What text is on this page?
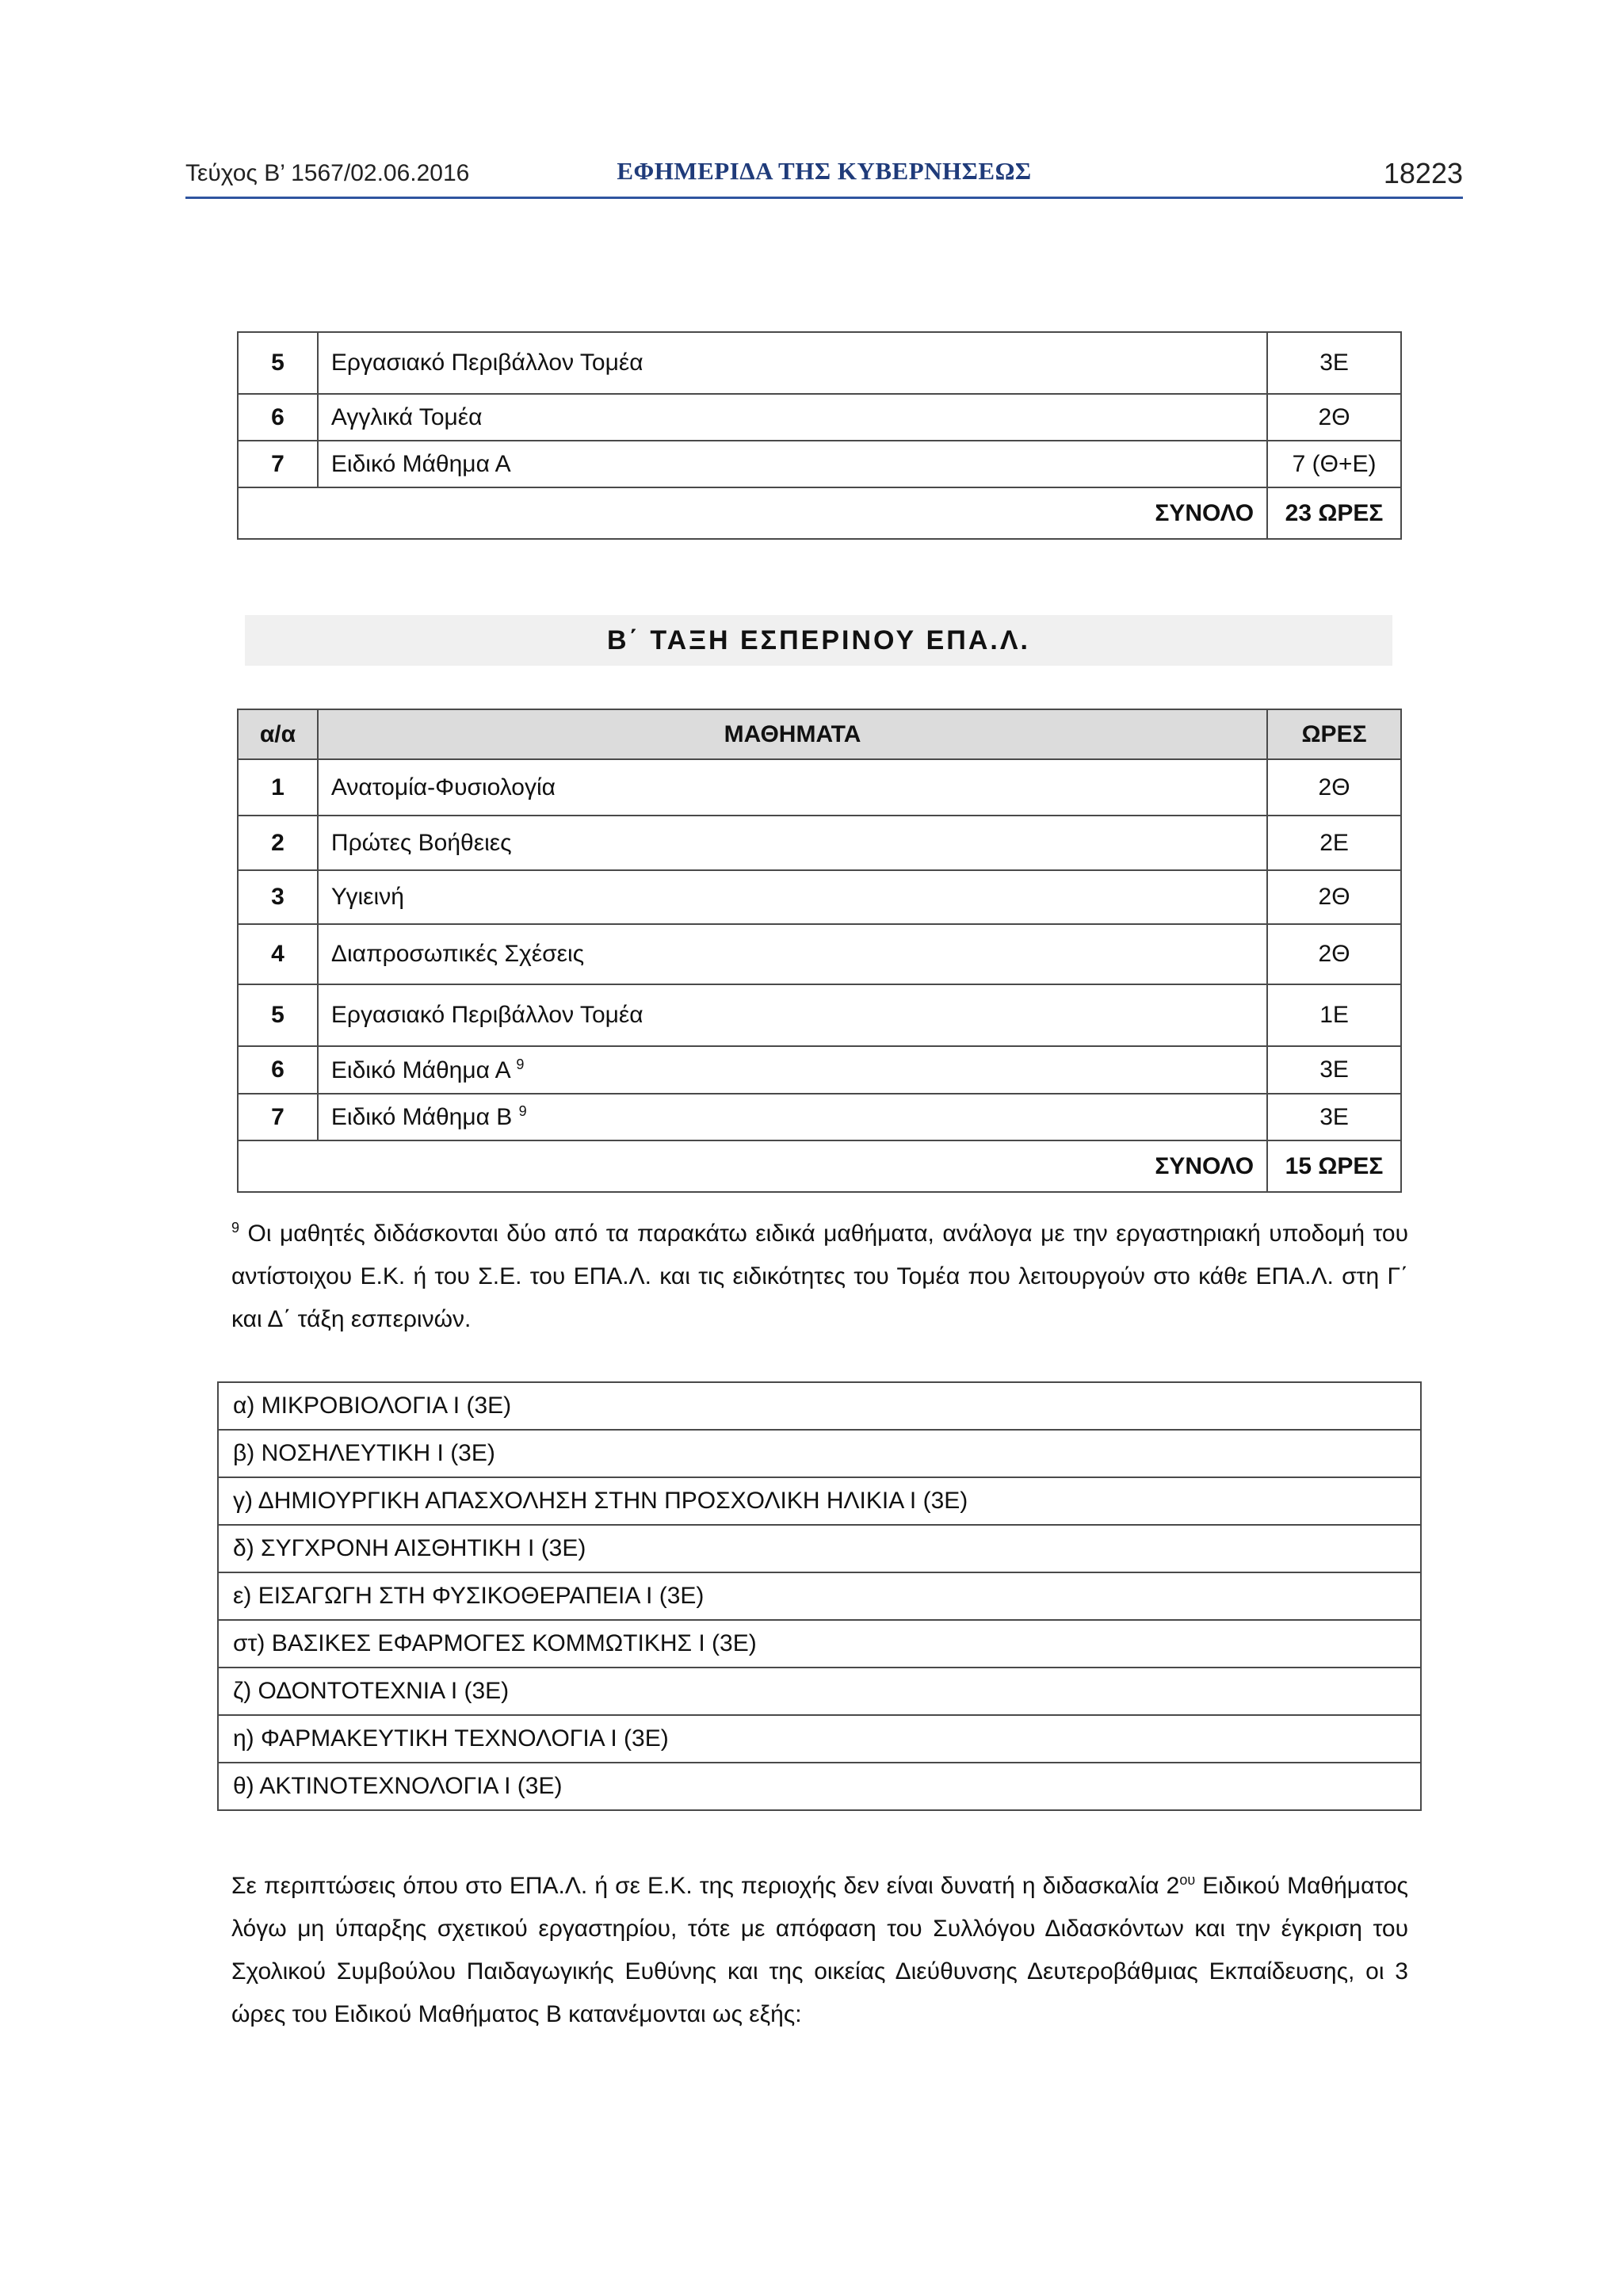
Τεύχος Β’ 1567/02.06.2016	ΕΦΗΜΕΡΙΔΑ ΤΗΣ ΚΥΒΕΡΝΗΣΕΩΣ	18223
5	Εργασιακό Περιβάλλον Τομέα	3Ε
6	Αγγλικά Τομέα	2Θ
7	Ειδικό Μάθημα Α	7 (Θ+Ε)
ΣΥΝΟΛΟ		23 ΩΡΕΣ
Β΄ ΤΑΞΗ ΕΣΠΕΡΙΝΟΥ ΕΠΑ.Λ.
α/α	ΜΑΘΗΜΑΤΑ	ΩΡΕΣ
1	Ανατομία-Φυσιολογία	2Θ
2	Πρώτες Βοήθειες	2Ε
3	Υγιεινή	2Θ
4	Διαπροσωπικές Σχέσεις	2Θ
5	Εργασιακό Περιβάλλον Τομέα	1Ε
6	Ειδικό Μάθημα Α $^9$	3Ε
7	Ειδικό Μάθημα Β $^9$	3Ε
ΣΥΝΟΛΟ		15 ΩΡΕΣ

$^9$ Οι μαθητές διδάσκονται δύο από τα παρακάτω ειδικά μαθήματα, ανάλογα με την εργαστηριακή υποδομή του αντίστοιχου Ε.Κ. ή του Σ.Ε. του ΕΠΑ.Λ. και τις ειδικότητες του Τομέα που λειτουργούν στο κάθε ΕΠΑ.Λ. στη Γ΄ και Δ΄ τάξη εσπερινών.

α) ΜΙΚΡΟΒΙΟΛΟΓΙΑ Ι (3Ε)
β) ΝΟΣΗΛΕΥΤΙΚΗ Ι (3Ε)
γ) ΔΗΜΙΟΥΡΓΙΚΗ ΑΠΑΣΧΟΛΗΣΗ ΣΤΗΝ ΠΡΟΣΧΟΛΙΚΗ ΗΛΙΚΙΑ Ι (3Ε)
δ) ΣΥΓΧΡΟΝΗ ΑΙΣΘΗΤΙΚΗ Ι (3Ε)
ε) ΕΙΣΑΓΩΓΗ ΣΤΗ ΦΥΣΙΚΟΘΕΡΑΠΕΙΑ Ι (3Ε)
στ) ΒΑΣΙΚΕΣ ΕΦΑΡΜΟΓΕΣ ΚΟΜΜΩΤΙΚΗΣ Ι (3Ε)
ζ) ΟΔΟΝΤΟΤΕΧΝΙΑ Ι (3Ε)
η) ΦΑΡΜΑΚΕΥΤΙΚΗ ΤΕΧΝΟΛΟΓΙΑ Ι (3Ε)
θ) ΑΚΤΙΝΟΤΕΧΝΟΛΟΓΙΑ Ι (3Ε)

Σε περιπτώσεις όπου στο ΕΠΑ.Λ. ή σε Ε.Κ. της περιοχής δεν είναι δυνατή η διδασκαλία $2^{o\upsilon}$ Ειδικού Μαθήματος λόγω μη ύπαρξης σχετικού εργαστηρίου, τότε με απόφαση του Συλλόγου Διδασκόντων και την έγκριση του Σχολικού Συμβούλου Παιδαγωγικής Ευθύνης και της οικείας Διεύθυνσης Δευτεροβάθμιας Εκπαίδευσης, οι 3 ώρες του Ειδικού Μαθήματος Β κατανέμονται ως εξής:
